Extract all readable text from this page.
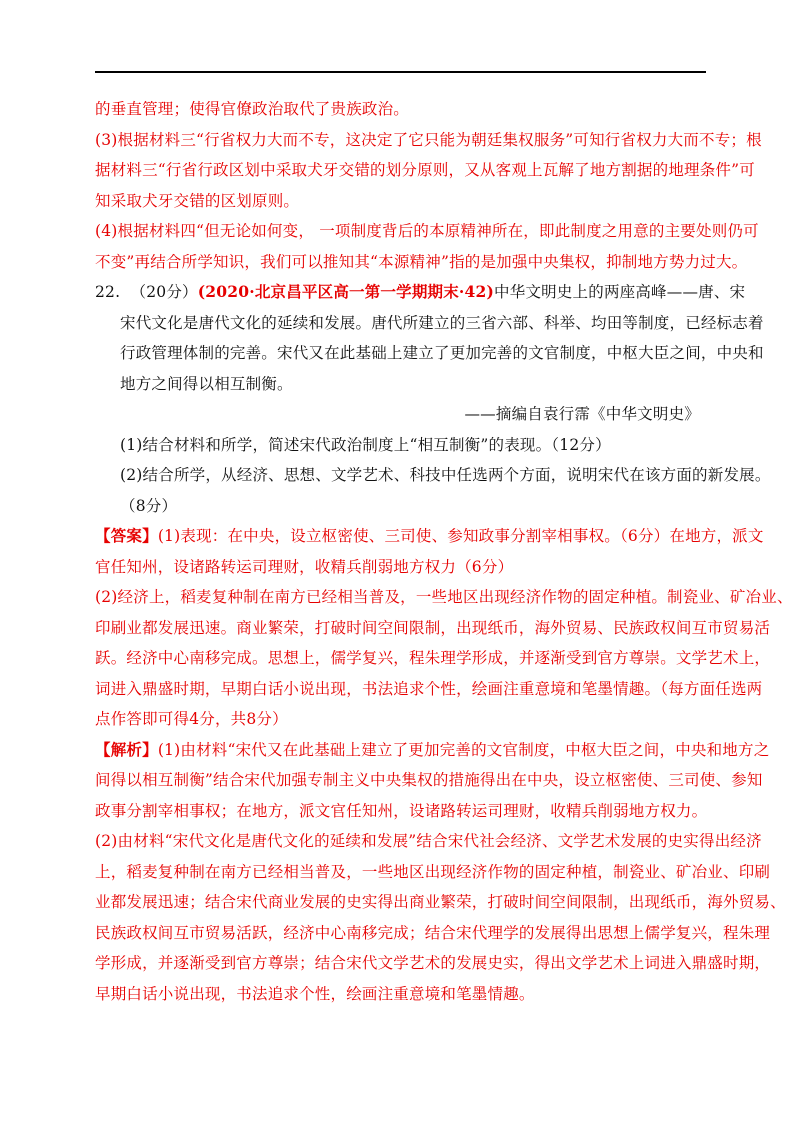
的垂直管理；使得官僚政治取代了贵族政治。
(3)根据材料三“行省权力大而不专，这决定了它只能为朝廷集权服务”可知行省权力大而不专；根
据材料三“行省行政区划中采取犬牙交错的划分原则，又从客观上瓦解了地方割据的地理条件”可
知采取犬牙交错的区划原则。
(4)根据材料四“但无论如何变， 一项制度背后的本原精神所在，即此制度之用意的主要处则仍可
不变”再结合所学知识，我们可以推知其“本源精神”指的是加强中央集权，抑制地方势力过大。
22. （20分）(2020·北京昌平区高一第一学期期末·42)中华文明史上的两座高峰——唐、宋
宋代文化是唐代文化的延续和发展。唐代所建立的三省六部、科举、均田等制度，已经标志着
行政管理体制的完善。宋代又在此基础上建立了更加完善的文官制度，中枢大臣之间，中央和
地方之间得以相互制衡。
——摘编自袁行霈《中华文明史》
(1)结合材料和所学，简述宋代政治制度上“相互制衡”的表现。（12分）
(2)结合所学，从经济、思想、文学艺术、科技中任选两个方面，说明宋代在该方面的新发展。
（8分）
【答案】(1)表现：在中央，设立枢密使、三司使、参知政事分割宰相事权。（6分）在地方，派文
官任知州，设诸路转运司理财，收精兵削弱地方权力（6分）
(2)经济上，稻麦复种制在南方已经相当普及，一些地区出现经济作物的固定种植。制瓷业、矿冶业、
印刷业都发展迅速。商业繁荣，打破时间空间限制，出现纸币，海外贸易、民族政权间互市贸易活
跃。经济中心南移完成。思想上，儒学复兴，程朱理学形成，并逐渐受到官方尊崇。文学艺术上，
词进入鼎盛时期，早期白话小说出现，书法追求个性，绘画注重意境和笔墨情趣。（每方面任选两
点作答即可得4分，共8分）
【解析】(1)由材料“宋代又在此基础上建立了更加完善的文官制度，中枢大臣之间，中央和地方之
间得以相互制衡”结合宋代加强专制主义中央集权的措施得出在中央，设立枢密使、三司使、参知
政事分割宰相事权；在地方，派文官任知州，设诸路转运司理财，收精兵削弱地方权力。
(2)由材料“宋代文化是唐代文化的延续和发展”结合宋代社会经济、文学艺术发展的史实得出经济
上，稻麦复种制在南方已经相当普及，一些地区出现经济作物的固定种植，制瓷业、矿冶业、印刷
业都发展迅速；结合宋代商业发展的史实得出商业繁荣，打破时间空间限制，出现纸币，海外贸易、
民族政权间互市贸易活跃，经济中心南移完成；结合宋代理学的发展得出思想上儒学复兴，程朱理
学形成，并逐渐受到官方尊崇；结合宋代文学艺术的发展史实，得出文学艺术上词进入鼎盛时期，
早期白话小说出现，书法追求个性，绘画注重意境和笔墨情趣。
